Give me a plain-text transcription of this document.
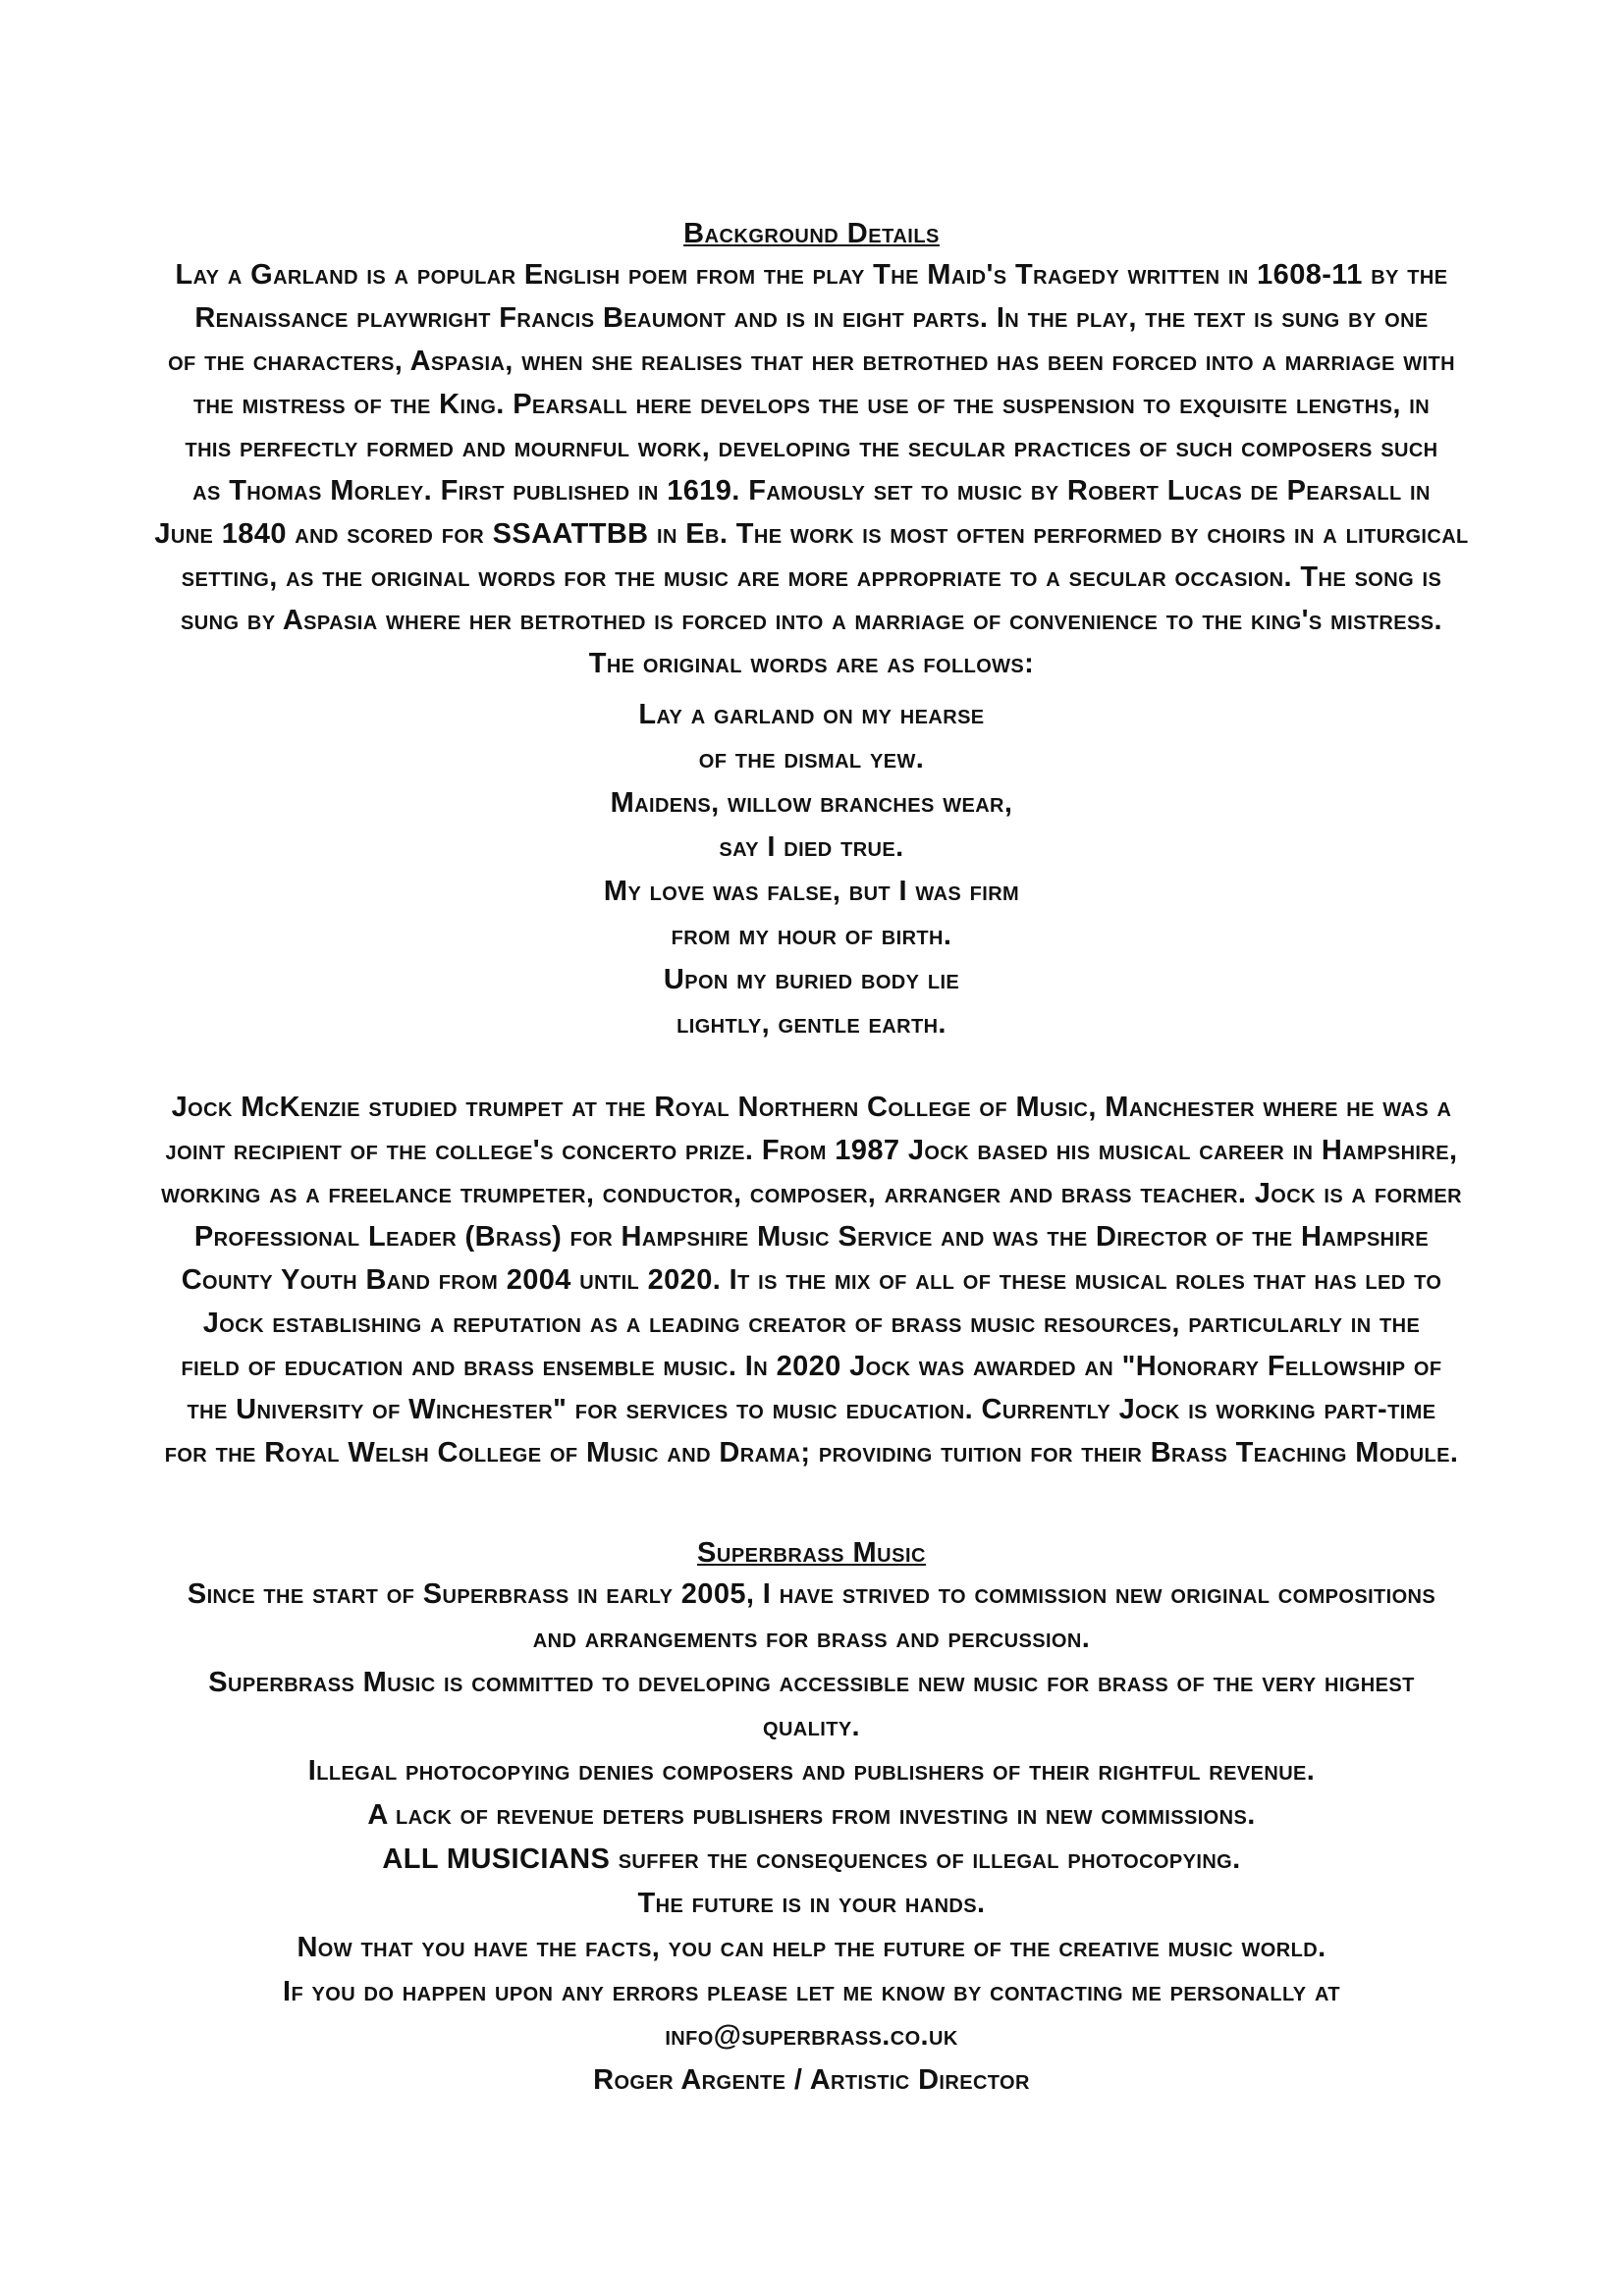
Background Details
Lay a Garland is a popular English poem from the play The Maid's Tragedy written in 1608-11 by the
Renaissance playwright Francis Beaumont and is in eight parts. In the play, the text is sung by one
of the characters, Aspasia, when she realises that her betrothed has been forced into a marriage with
the mistress of the King. Pearsall here develops the use of the suspension to exquisite lengths, in
this perfectly formed and mournful work, developing the secular practices of such composers such
as Thomas Morley. First published in 1619. Famously set to music by Robert Lucas de Pearsall in
June 1840 and scored for SSAATTBB in Eb. The work is most often performed by choirs in a liturgical
setting, as the original words for the music are more appropriate to a secular occasion. The song is
sung by Aspasia where her betrothed is forced into a marriage of convenience to the king's mistress.
The original words are as follows:
Lay a garland on my hearse
of the dismal yew.
Maidens, willow branches wear,
say I died true.
My love was false, but I was firm
from my hour of birth.
Upon my buried body lie
lightly, gentle earth.
Jock McKenzie studied trumpet at the Royal Northern College of Music, Manchester where he was a
joint recipient of the college's concerto prize. From 1987 Jock based his musical career in Hampshire,
working as a freelance trumpeter, conductor, composer, arranger and brass teacher. Jock is a former
Professional Leader (Brass) for Hampshire Music Service and was the Director of the Hampshire
County Youth Band from 2004 until 2020. It is the mix of all of these musical roles that has led to
Jock establishing a reputation as a leading creator of brass music resources, particularly in the
field of education and brass ensemble music. In 2020 Jock was awarded an "Honorary Fellowship of
the University of Winchester" for services to music education. Currently Jock is working part-time
for the Royal Welsh College of Music and Drama; providing tuition for their Brass Teaching Module.
Superbrass Music
Since the start of Superbrass in early 2005, I have strived to commission new original compositions
and arrangements for brass and percussion.
Superbrass Music is committed to developing accessible new music for brass of the very highest
quality.
Illegal photocopying denies composers and publishers of their rightful revenue.
A lack of revenue deters publishers from investing in new commissions.
ALL MUSICIANS suffer the consequences of illegal photocopying.
The future is in your hands.
Now that you have the facts, you can help the future of the creative music world.
If you do happen upon any errors please let me know by contacting me personally at
info@superbrass.co.uk
Roger Argente / Artistic Director
